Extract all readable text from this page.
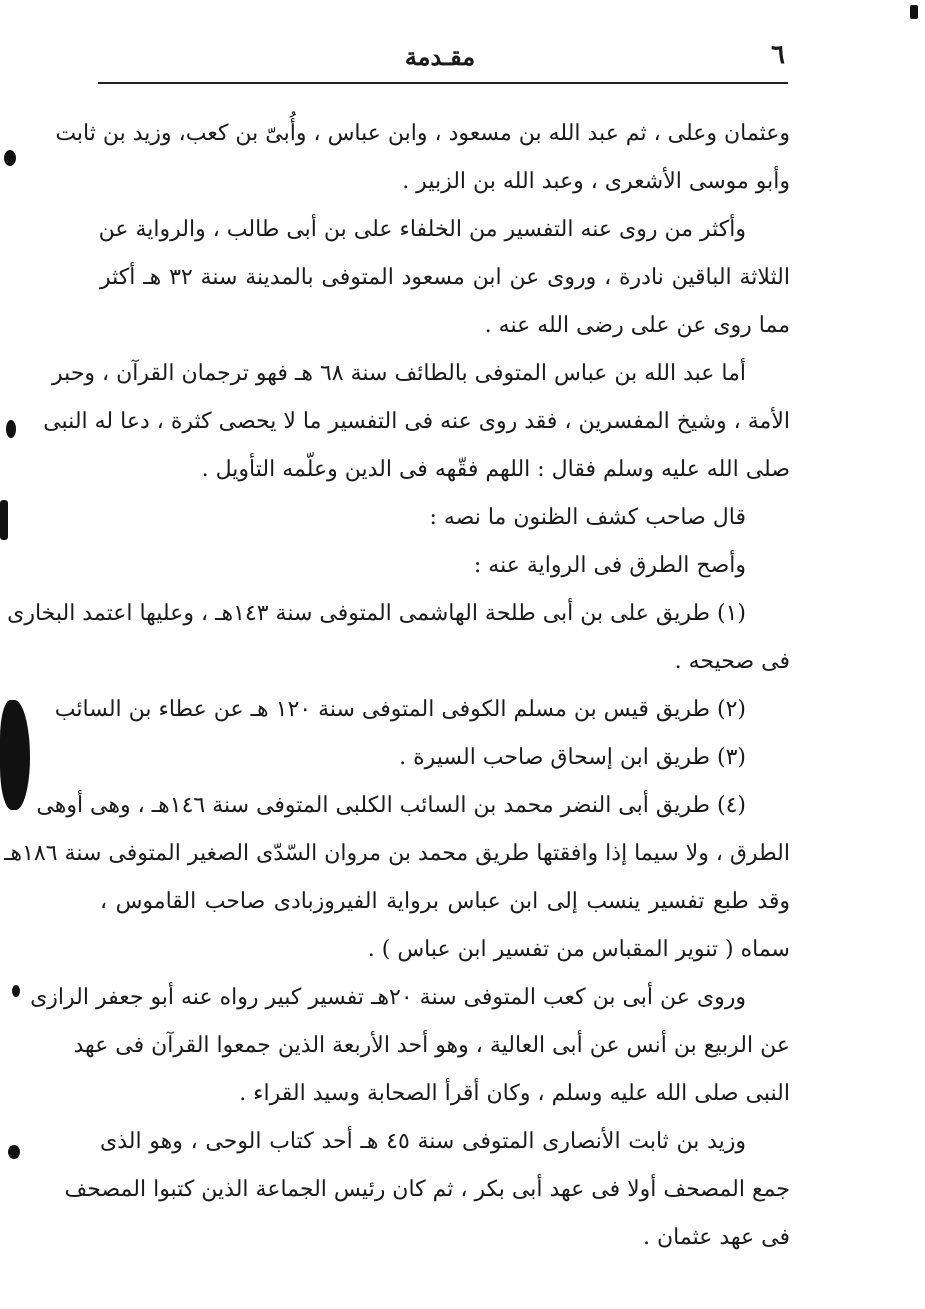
٦
مقـدمة
وعثمان وعلى ، ثم عبد الله بن مسعود ، وابن عباس ، وأُبىّ بن كعب، وزيد بن ثابت
وأبو موسى الأشعرى ، وعبد الله بن الزبير .
وأكثر من روى عنه التفسير من الخلفاء على بن أبى طالب ، والرواية عن
الثلاثة الباقين نادرة ، وروى عن ابن مسعود المتوفى بالمدينة سنة ٣٢ هـ أكثر
مما روى عن على رضى الله عنه .
أما عبد الله بن عباس المتوفى بالطائف سنة ٦٨ هـ فهو ترجمان القرآن ، وحبر
الأمة ، وشيخ المفسرين ، فقد روى عنه فى التفسير ما لا يحصى كثرة ، دعا له النبى
صلى الله عليه وسلم فقال : اللهم فقّهه فى الدين وعلّمه التأويل .
قال صاحب كشف الظنون ما نصه :
وأصح الطرق فى الرواية عنه :
(١) طريق على بن أبى طلحة الهاشمى المتوفى سنة ١٤٣هـ ، وعليها اعتمد البخارى
فى صحيحه .
(٢) طريق قيس بن مسلم الكوفى المتوفى سنة ١٢٠ هـ عن عطاء بن السائب
(٣) طريق ابن إسحاق صاحب السيرة .
(٤) طريق أبى النضر محمد بن السائب الكلبى المتوفى سنة ١٤٦هـ ، وهى أوهى
الطرق ، ولا سيما إذا وافقتها طريق محمد بن مروان السّدّى الصغير المتوفى سنة ١٨٦هـ
وقد طبع تفسير ينسب إلى ابن عباس برواية الفيروزبادى صاحب القاموس ،
سماه ( تنوير المقباس من تفسير ابن عباس ) .
وروى عن أبى بن كعب المتوفى سنة ٢٠هـ تفسير كبير رواه عنه أبو جعفر الرازى
عن الربيع بن أنس عن أبى العالية ، وهو أحد الأربعة الذين جمعوا القرآن فى عهد
النبى صلى الله عليه وسلم ، وكان أقرأ الصحابة وسيد القراء .
وزيد بن ثابت الأنصارى المتوفى سنة ٤٥ هـ أحد كتاب الوحى ، وهو الذى
جمع المصحف أولا فى عهد أبى بكر ، ثم كان رئيس الجماعة الذين كتبوا المصحف
فى عهد عثمان .
